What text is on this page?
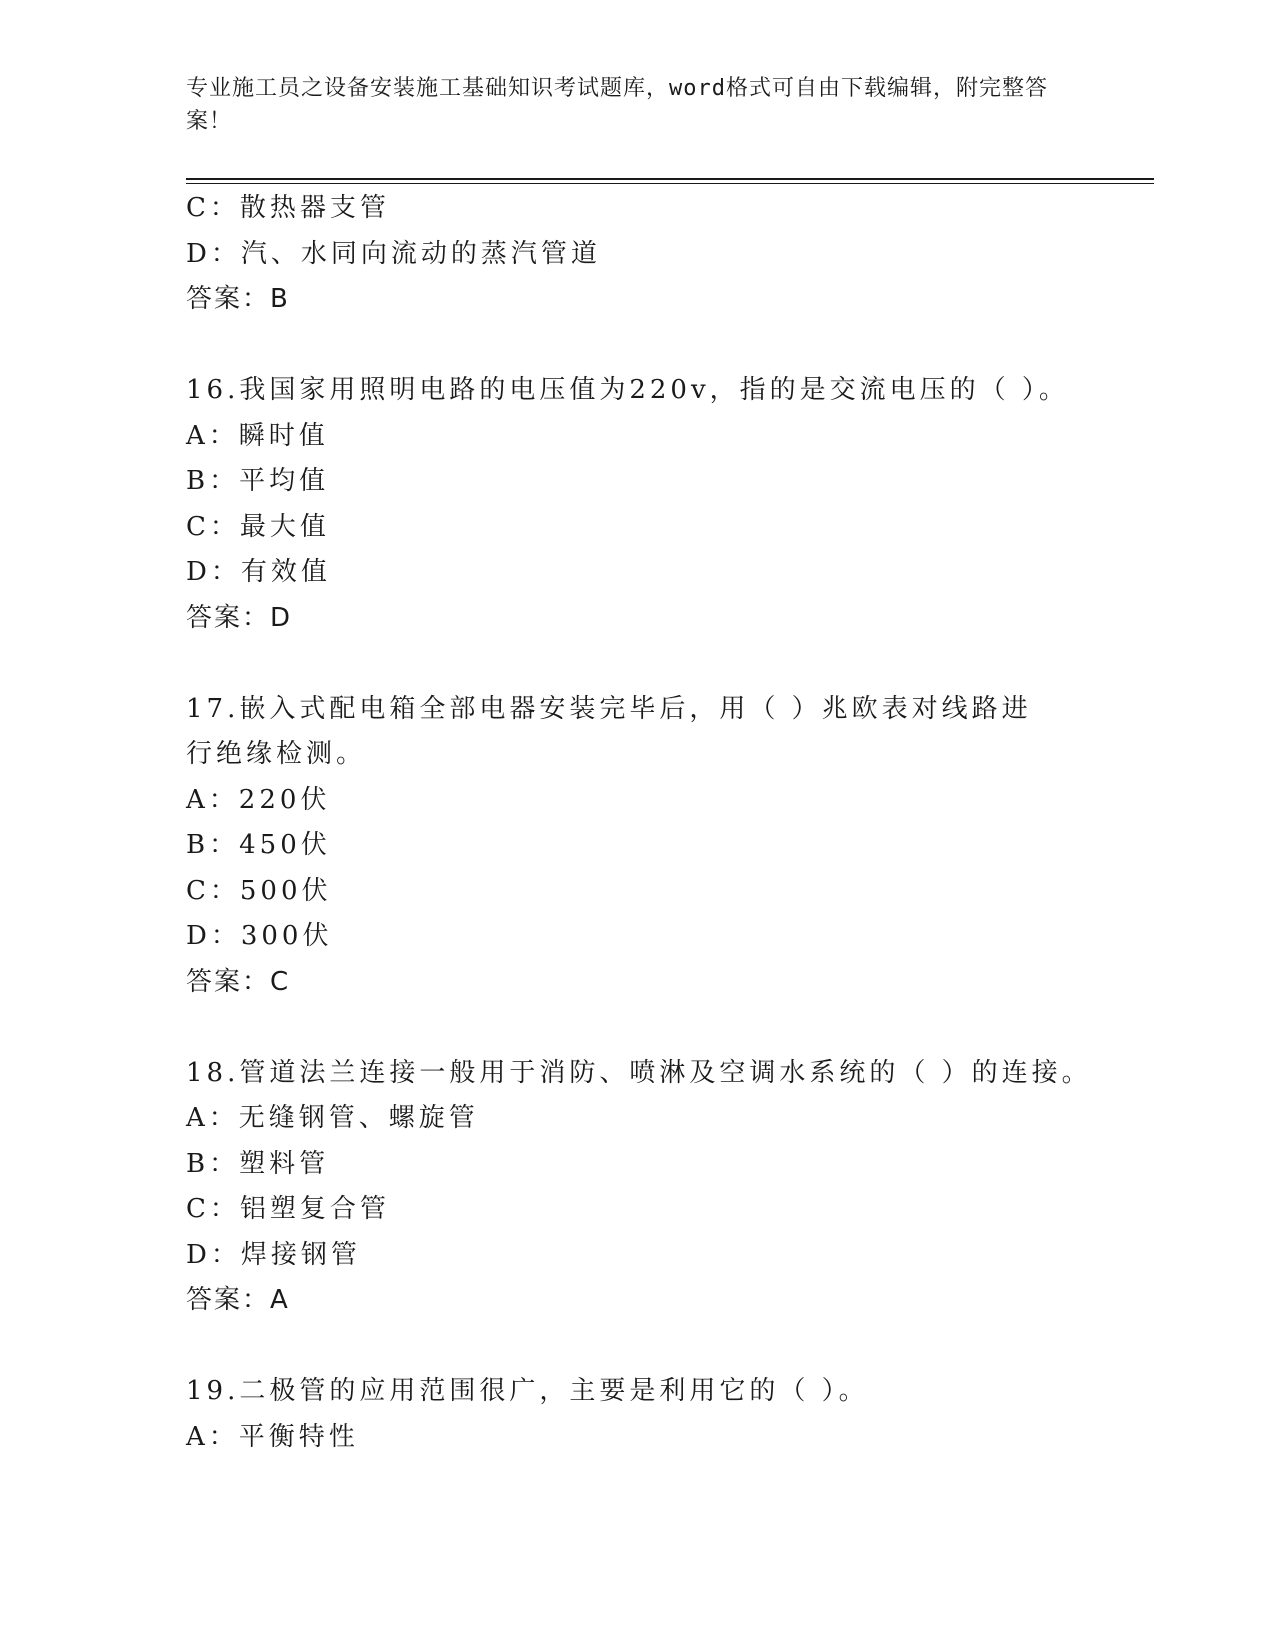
专业施工员之设备安装施工基础知识考试题库，word格式可自由下载编辑，附完整答案！
C：散热器支管
D：汽、水同向流动的蒸汽管道
答案：B
16.我国家用照明电路的电压值为220v，指的是交流电压的（ ）。
A：瞬时值
B：平均值
C：最大值
D：有效值
答案：D
17.嵌入式配电箱全部电器安装完毕后，用（ ）兆欧表对线路进行绝缘检测。
A：220伏
B：450伏
C：500伏
D：300伏
答案：C
18.管道法兰连接一般用于消防、喷淋及空调水系统的（ ）的连接。
A：无缝钢管、螺旋管
B：塑料管
C：铝塑复合管
D：焊接钢管
答案：A
19.二极管的应用范围很广，主要是利用它的（ ）。
A：平衡特性
